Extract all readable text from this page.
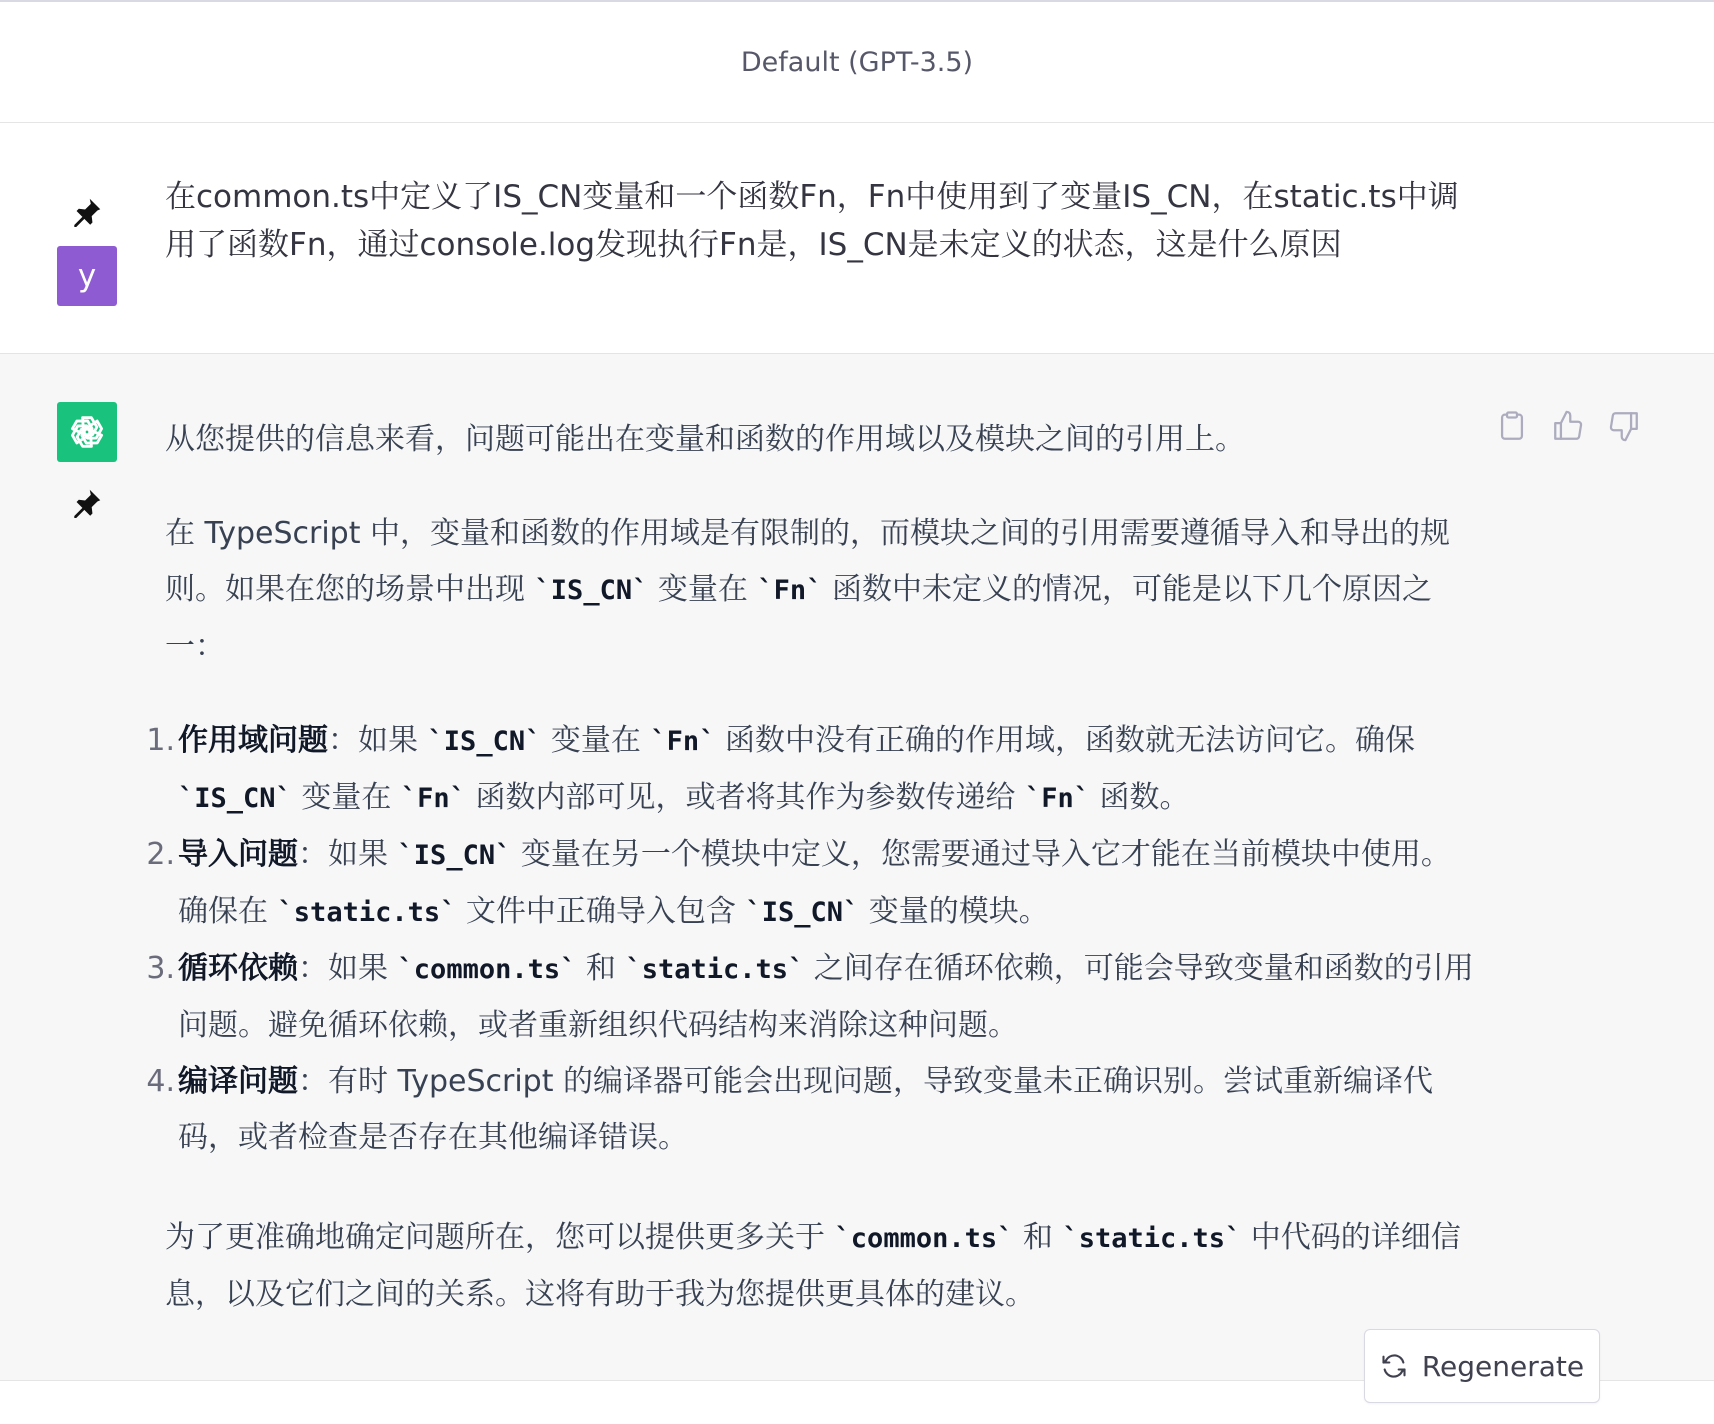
Default (GPT-3.5)
y
在common.ts中定义了IS_CN变量和一个函数Fn，Fn中使用到了变量IS_CN，在static.ts中调用了函数Fn，通过console.log发现执行Fn是，IS_CN是未定义的状态，这是什么原因

从您提供的信息来看，问题可能出在变量和函数的作用域以及模块之间的引用上。

在 TypeScript 中，变量和函数的作用域是有限制的，而模块之间的引用需要遵循导入和导出的规则。如果在您的场景中出现 `IS_CN` 变量在 `Fn` 函数中未定义的情况，可能是以下几个原因之一：

1. 作用域问题：如果 `IS_CN` 变量在 `Fn` 函数中没有正确的作用域，函数就无法访问它。确保 `IS_CN` 变量在 `Fn` 函数内部可见，或者将其作为参数传递给 `Fn` 函数。
2. 导入问题：如果 `IS_CN` 变量在另一个模块中定义，您需要通过导入它才能在当前模块中使用。确保在 `static.ts` 文件中正确导入包含 `IS_CN` 变量的模块。
3. 循环依赖：如果 `common.ts` 和 `static.ts` 之间存在循环依赖，可能会导致变量和函数的引用问题。避免循环依赖，或者重新组织代码结构来消除这种问题。
4. 编译问题：有时 TypeScript 的编译器可能会出现问题，导致变量未正确识别。尝试重新编译代码，或者检查是否存在其他编译错误。

为了更准确地确定问题所在，您可以提供更多关于 `common.ts` 和 `static.ts` 中代码的详细信息，以及它们之间的关系。这将有助于我为您提供更具体的建议。

Regenerate
